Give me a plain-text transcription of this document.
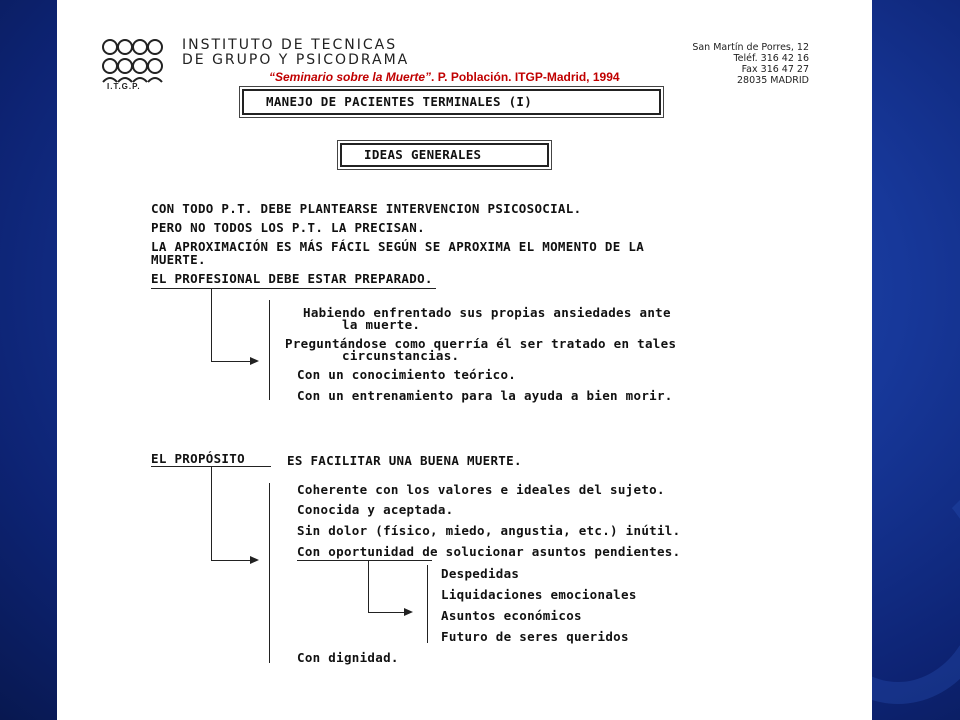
I.T.G.P.
INSTITUTO DE TECNICAS
DE GRUPO Y PSICODRAMA
San Martín de Porres, 12
Teléf. 316 42 16
Fax 316 47 27
28035 MADRID
“Seminario sobre la Muerte”. P. Población. ITGP-Madrid, 1994
MANEJO DE PACIENTES TERMINALES (I)
IDEAS GENERALES
CON TODO P.T. DEBE PLANTEARSE INTERVENCION PSICOSOCIAL.
PERO NO TODOS LOS P.T. LA PRECISAN.
LA APROXIMACIÓN ES MÁS FÁCIL SEGÚN SE APROXIMA EL MOMENTO DE LA
MUERTE.
EL PROFESIONAL DEBE ESTAR PREPARADO.
Habiendo enfrentado sus propias ansiedades ante
la muerte.
Preguntándose como querría él ser tratado en tales
circunstancias.
Con un conocimiento teórico.
Con un entrenamiento para la ayuda a bien morir.
EL PROPÓSITO	ES FACILITAR UNA BUENA MUERTE.
Coherente con los valores e ideales del sujeto.
Conocida y aceptada.
Sin dolor (físico, miedo, angustia, etc.) inútil.
Con oportunidad de solucionar asuntos pendientes.
Despedidas
Liquidaciones emocionales
Asuntos económicos
Futuro de seres queridos
Con dignidad.
